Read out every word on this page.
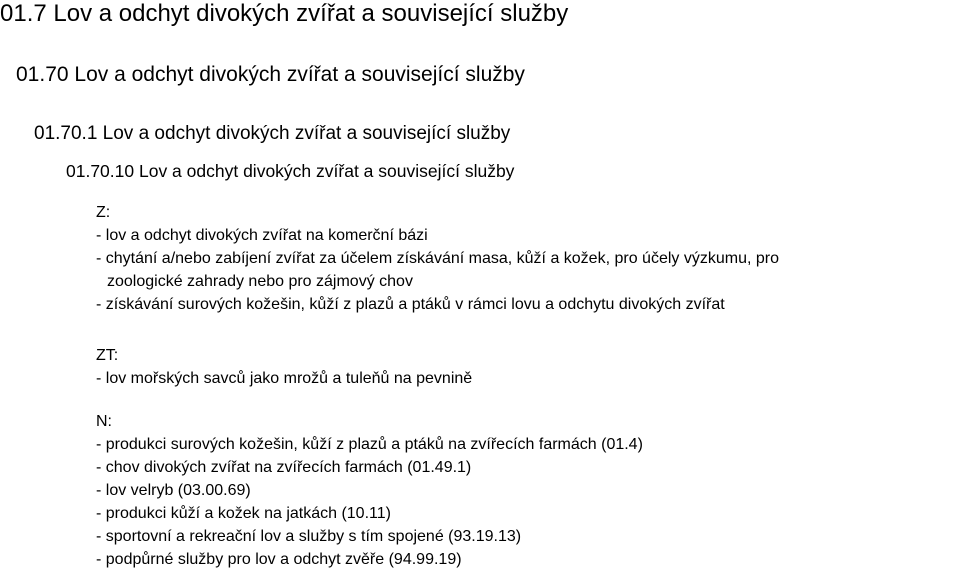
01.7 Lov a odchyt divokých zvířat a související služby
01.70 Lov a odchyt divokých zvířat a související služby
01.70.1 Lov a odchyt divokých zvířat a související služby
01.70.10 Lov a odchyt divokých zvířat a související služby
Z:
- lov a odchyt divokých zvířat na komerční bázi
- chytání a/nebo zabíjení zvířat za účelem získávání masa, kůží a kožek, pro účely výzkumu, pro
zoologické zahrady nebo pro zájmový chov
- získávání surových kožešin, kůží z plazů a ptáků v rámci lovu a odchytu divokých zvířat
ZT:
- lov mořských savců jako mrožů a tuleňů na pevnině
N:
- produkci surových kožešin, kůží z plazů a ptáků na zvířecích farmách (01.4)
- chov divokých zvířat na zvířecích farmách (01.49.1)
- lov velryb (03.00.69)
- produkci kůží a kožek na jatkách (10.11)
- sportovní a rekreační lov a služby s tím spojené (93.19.13)
- podpůrné služby pro lov a odchyt zvěře (94.99.19)
